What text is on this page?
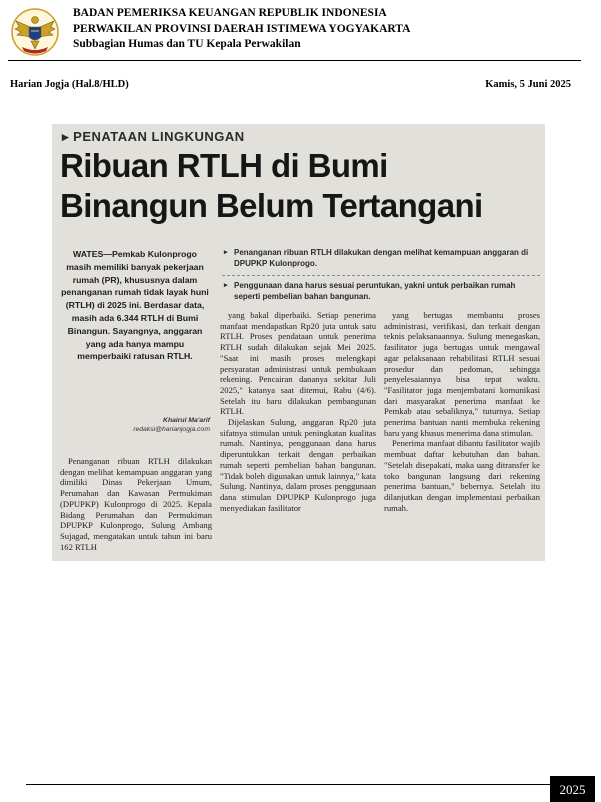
BADAN PEMERIKSA KEUANGAN REPUBLIK INDONESIA
PERWAKILAN PROVINSI DAERAH ISTIMEWA YOGYAKARTA
Subbagian Humas dan TU Kepala Perwakilan
Harian Jogja (Hal.8/HLD)	Kamis, 5 Juni 2025
▸ PENATAAN LINGKUNGAN
Ribuan RTLH di Bumi
Binangun Belum Tertangani
WATES—Pemkab Kulonprogo masih memiliki banyak pekerjaan rumah (PR), khususnya dalam penanganan rumah tidak layak huni (RTLH) di 2025 ini. Berdasar data, masih ada 6.344 RTLH di Bumi Binangun. Sayangnya, anggaran yang ada hanya mampu memperbaiki ratusan RTLH.
Khairul Ma'arif
redaksi@harianjogja.com
▸ Penanganan ribuan RTLH dilakukan dengan melihat kemampuan anggaran di DPUPKP Kulonprogo.
▸ Penggunaan dana harus sesuai peruntukan, yakni untuk perbaikan rumah seperti pembelian bahan bangunan.

Penanganan ribuan RTLH dilakukan dengan melihat kemampuan anggaran yang dimiliki Dinas Pekerjaan Umum, Perumahan dan Kawasan Permukiman (DPUPKP) Kulonprogo di 2025. Kepala Bidang Perumahan dan Permukiman DPUPKP Kulonprogo, Sulung Ambang Sujagad, mengatakan untuk tahun ini baru 162 RTLH

yang bakal diperbaiki. Setiap penerima manfaat mendapatkan Rp20 juta untuk satu RTLH. Proses pendataan untuk penerima RTLH sudah dilakukan sejak Mei 2025. "Saat ini masih proses melengkapi persyaratan administrasi untuk pembukaan rekening. Pencairan dananya sekitar Juli 2025," katanya saat ditemui, Rabu (4/6). Setelah itu baru dilakukan pembangunan RTLH.

Dijelaskan Sulung, anggaran Rp20 juta sifatnya stimulan untuk peningkatan kualitas rumah. Nantinya, penggunaan dana harus diperuntukkan terkait dengan perbaikan rumah seperti pembelian bahan bangunan. "Tidak boleh digunakan untuk lainnya," kata Sulung. Nantinya, dalam proses penggunaan dana stimulan DPUPKP Kulonprogo juga menyediakan fasilitator

yang bertugas membantu proses administrasi, verifikasi, dan terkait dengan teknis pelaksanaannya. Sulung menegaskan, fasilitator juga bertugas untuk mengawal agar pelaksanaan rehabilitasi RTLH sesuai prosedur dan pedoman, sehingga penyelesaiannya bisa tepat waktu. "Fasilitator juga menjembatani komunikasi dari masyarakat penerima manfaat ke Pemkab atau sebaliknya," tuturnya. Setiap penerima bantuan nanti membuka rekening baru yang khusus menerima dana stimulan.

Penerima manfaat dibantu fasilitator wajib membuat daftar kebutuhan dan bahan. "Setelah disepakati, maka uang ditransfer ke toko bangunan langsung dari rekening penerima bantuan," bebernya. Setelah itu dilanjutkan dengan implementasi perbaikan rumah.

2025
